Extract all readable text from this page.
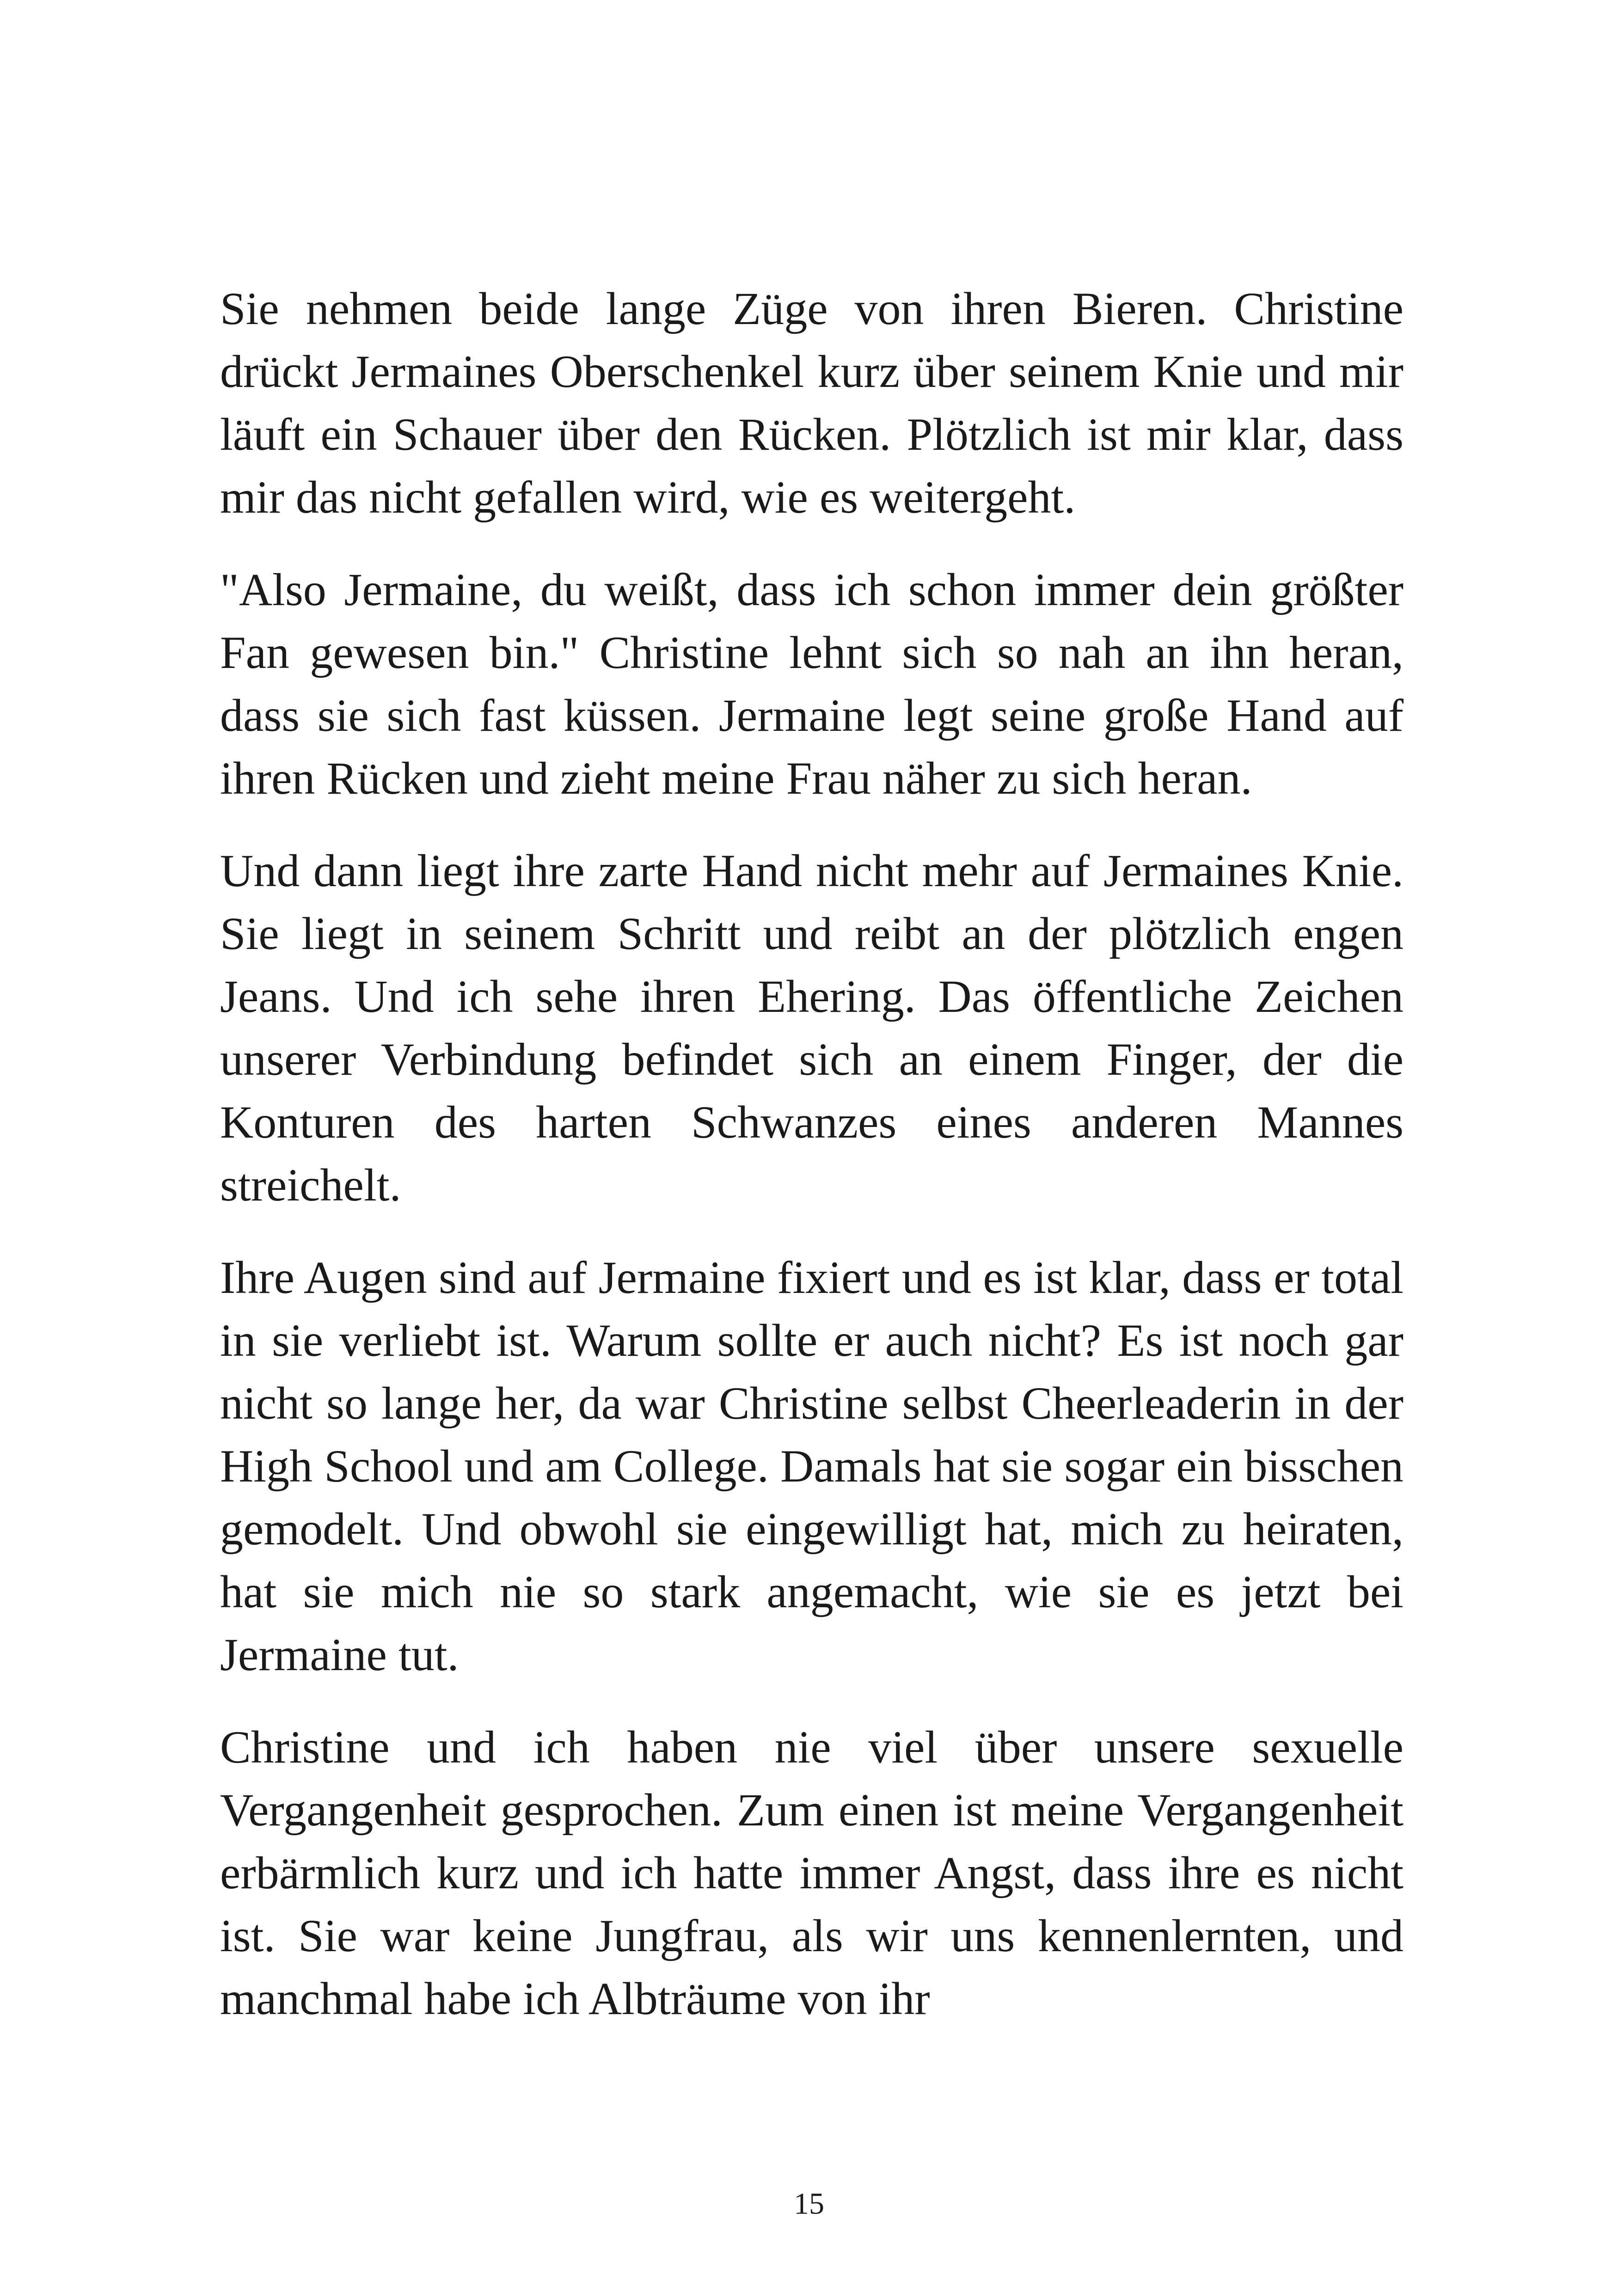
Sie nehmen beide lange Züge von ihren Bieren. Christine drückt Jermaines Oberschenkel kurz über seinem Knie und mir läuft ein Schauer über den Rücken. Plötzlich ist mir klar, dass mir das nicht gefallen wird, wie es weitergeht.

"Also Jermaine, du weißt, dass ich schon immer dein größter Fan gewesen bin." Christine lehnt sich so nah an ihn heran, dass sie sich fast küssen. Jermaine legt seine große Hand auf ihren Rücken und zieht meine Frau näher zu sich heran.

Und dann liegt ihre zarte Hand nicht mehr auf Jermaines Knie. Sie liegt in seinem Schritt und reibt an der plötzlich engen Jeans. Und ich sehe ihren Ehering. Das öffentliche Zeichen unserer Verbindung befindet sich an einem Finger, der die Konturen des harten Schwanzes eines anderen Mannes streichelt.

Ihre Augen sind auf Jermaine fixiert und es ist klar, dass er total in sie verliebt ist. Warum sollte er auch nicht? Es ist noch gar nicht so lange her, da war Christine selbst Cheerleaderin in der High School und am College. Damals hat sie sogar ein bisschen gemodelt. Und obwohl sie eingewilligt hat, mich zu heiraten, hat sie mich nie so stark angemacht, wie sie es jetzt bei Jermaine tut.

Christine und ich haben nie viel über unsere sexuelle Vergangenheit gesprochen. Zum einen ist meine Vergangenheit erbärmlich kurz und ich hatte immer Angst, dass ihre es nicht ist. Sie war keine Jungfrau, als wir uns kennenlernten, und manchmal habe ich Albträume von ihr

15
